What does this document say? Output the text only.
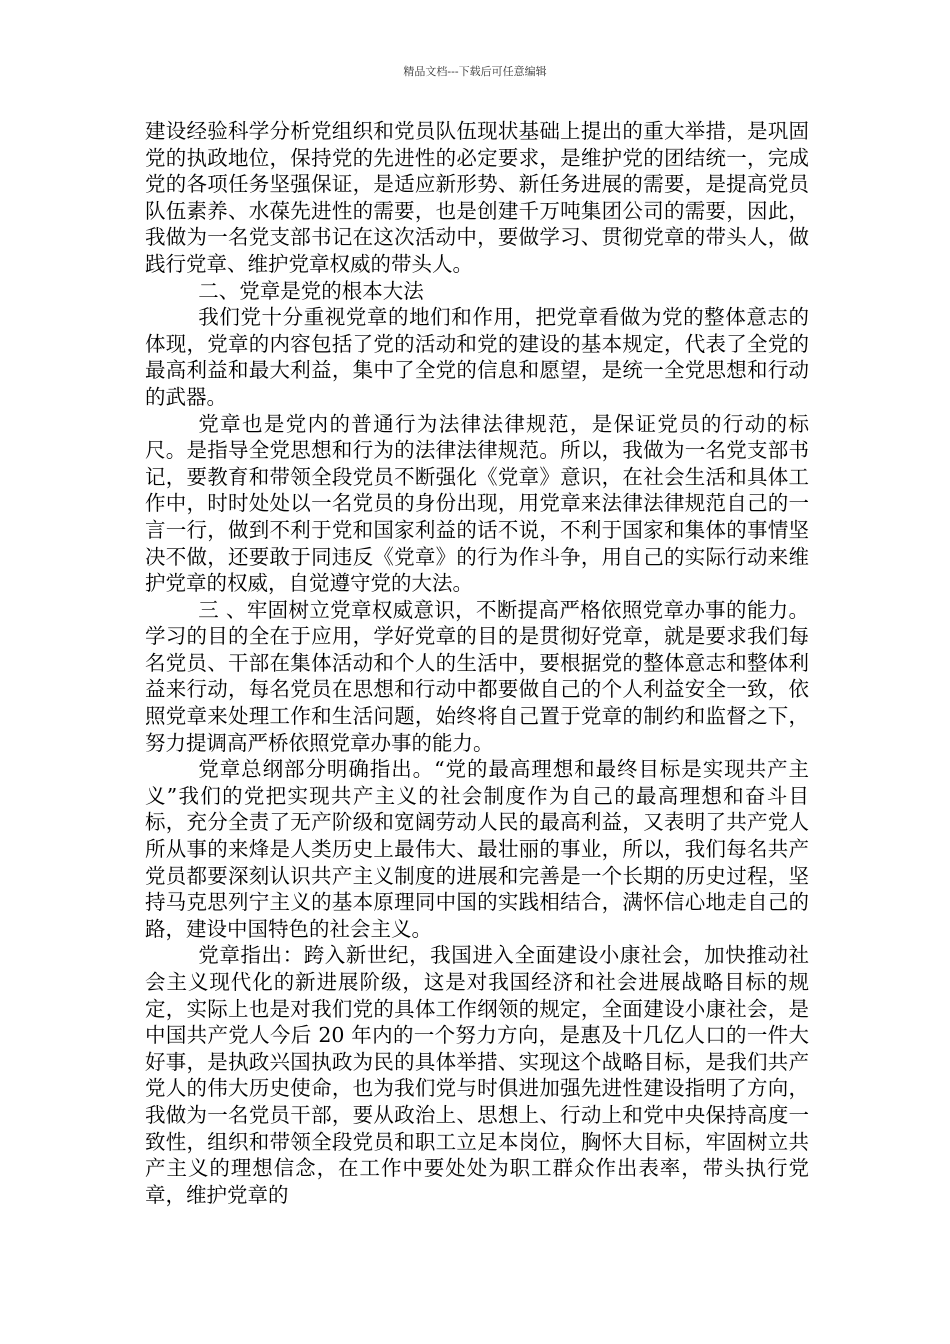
精品文档---下载后可任意编辑

建设经验科学分析党组织和党员队伍现状基础上提出的重大举措，是巩固党的执政地位，保持党的先进性的必定要求，是维护党的团结统一，完成党的各项任务坚强保证，是适应新形势、新任务进展的需要，是提高党员队伍素养、水葆先进性的需要，也是创建千万吨集团公司的需要，因此，我做为一名党支部书记在这次活动中，要做学习、贯彻党章的带头人，做践行党章、维护党章权威的带头人。

二、党章是党的根本大法

我们党十分重视党章的地们和作用，把党章看做为党的整体意志的体现，党章的内容包括了党的活动和党的建设的基本规定，代表了全党的最高利益和最大利益，集中了全党的信息和愿望，是统一全党思想和行动的武器。

党章也是党内的普通行为法律法律规范，是保证党员的行动的标尺。是指导全党思想和行为的法律法律规范。所以，我做为一名党支部书记，要教育和带领全段党员不断强化《党章》意识，在社会生活和具体工作中，时时处处以一名党员的身份出现，用党章来法律法律规范自己的一言一行，做到不利于党和国家利益的话不说，不利于国家和集体的事情坚决不做，还要敢于同违反《党章》的行为作斗争，用自己的实际行动来维护党章的权威，自觉遵守党的大法。

三 、牢固树立党章权威意识，不断提高严格依照党章办事的能力。 学习的目的全在于应用，学好党章的目的是贯彻好党章，就是要求我们每名党员、干部在集体活动和个人的生活中，要根据党的整体意志和整体利益来行动，每名党员在思想和行动中都要做自己的个人利益安全一致，依照党章来处理工作和生活问题，始终将自己置于党章的制约和监督之下，努力提调高严桥依照党章办事的能力。

党章总纲部分明确指出。“党的最高理想和最终目标是实现共产主义”我们的党把实现共产主义的社会制度作为自己的最高理想和奋斗目标，充分全责了无产阶级和宽阔劳动人民的最高利益，又表明了共产党人所从事的来烽是人类历史上最伟大、最壮丽的事业，所以，我们每名共产党员都要深刻认识共产主义制度的进展和完善是一个长期的历史过程，坚持马克思列宁主义的基本原理同中国的实践相结合，满怀信心地走自己的路，建设中国特色的社会主义。

党章指出：跨入新世纪，我国进入全面建设小康社会，加快推动社会主义现代化的新进展阶级，这是对我国经济和社会进展战略目标的规定，实际上也是对我们党的具体工作纲领的规定，全面建设小康社会，是中国共产党人今后 20 年内的一个努力方向，是惠及十几亿人口的一件大好事，是执政兴国执政为民的具体举措、实现这个战略目标，是我们共产党人的伟大历史使命，也为我们党与时俱进加强先进性建设指明了方向，我做为一名党员干部，要从政治上、思想上、行动上和党中央保持高度一致性，组织和带领全段党员和职工立足本岗位，胸怀大目标，牢固树立共产主义的理想信念，在工作中要处处为职工群众作出表率，带头执行党章，维护党章的
